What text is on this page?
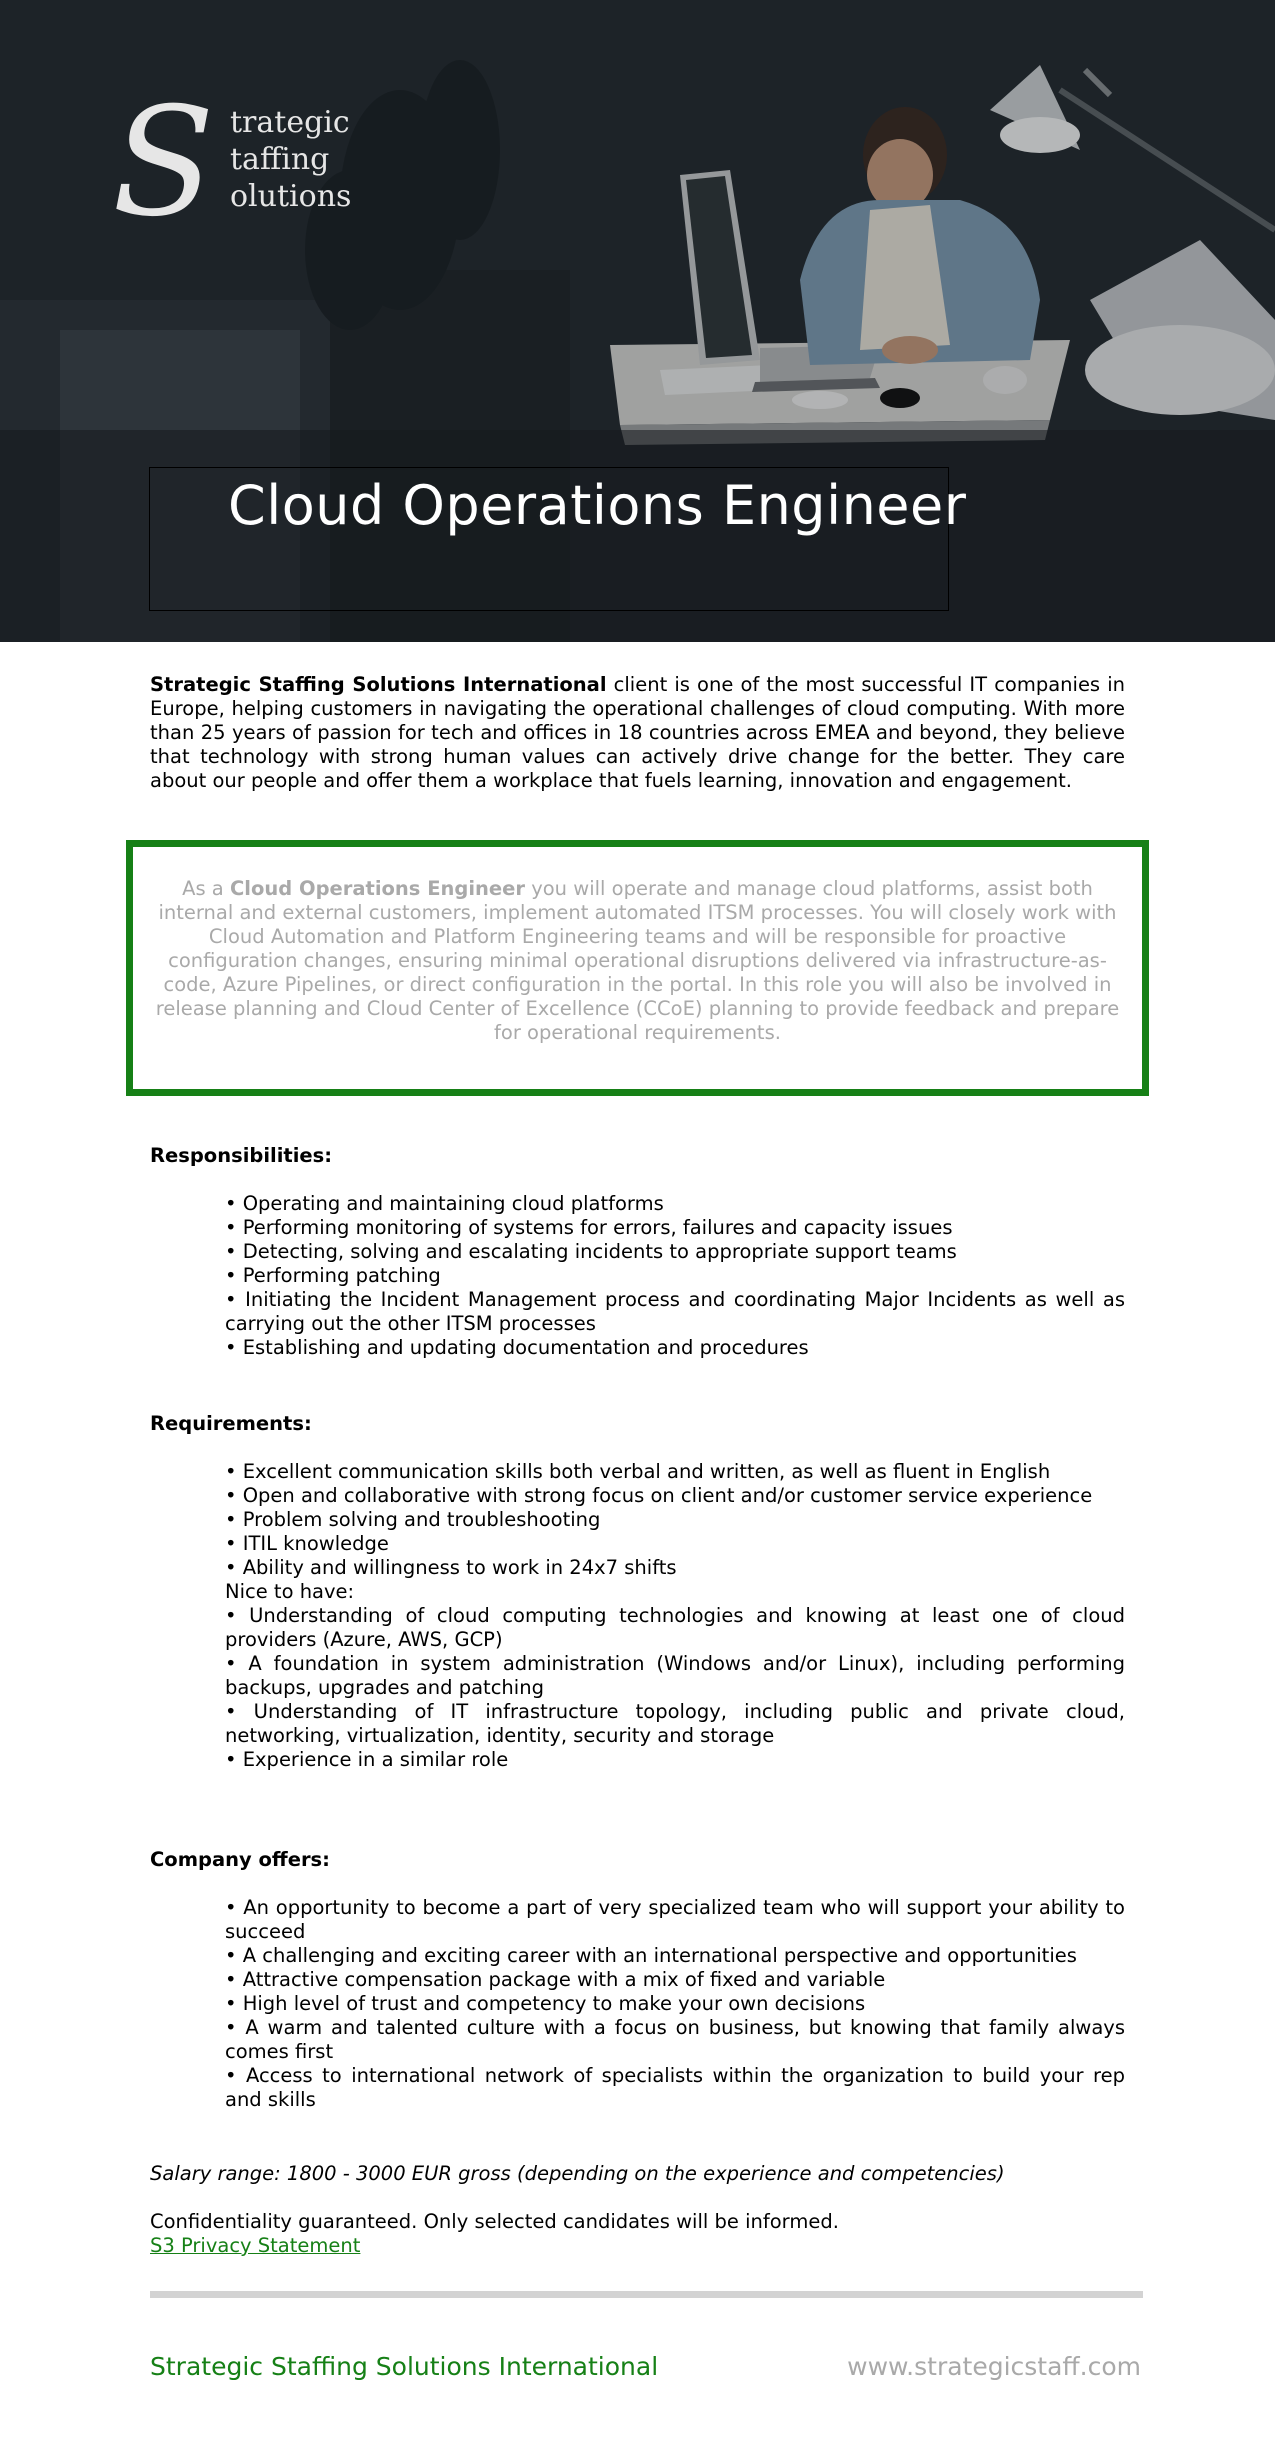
S trategic
taffing
olutions
Cloud Operations Engineer
Strategic Staffing Solutions International client is one of the most successful IT companies in Europe, helping customers in navigating the operational challenges of cloud computing. With more than 25 years of passion for tech and offices in 18 countries across EMEA and beyond, they believe that technology with strong human values can actively drive change for the better. They care about our people and offer them a workplace that fuels learning, innovation and engagement.
As a Cloud Operations Engineer you will operate and manage cloud platforms, assist both internal and external customers, implement automated ITSM processes. You will closely work with Cloud Automation and Platform Engineering teams and will be responsible for proactive configuration changes, ensuring minimal operational disruptions delivered via infrastructure-as-code, Azure Pipelines, or direct configuration in the portal. In this role you will also be involved in release planning and Cloud Center of Excellence (CCoE) planning to provide feedback and prepare for operational requirements.
Responsibilities:
• Operating and maintaining cloud platforms
• Performing monitoring of systems for errors, failures and capacity issues
• Detecting, solving and escalating incidents to appropriate support teams
• Performing patching
• Initiating the Incident Management process and coordinating Major Incidents as well as carrying out the other ITSM processes
• Establishing and updating documentation and procedures
Requirements:
• Excellent communication skills both verbal and written, as well as fluent in English
• Open and collaborative with strong focus on client and/or customer service experience
• Problem solving and troubleshooting
• ITIL knowledge
• Ability and willingness to work in 24x7 shifts
Nice to have:
• Understanding of cloud computing technologies and knowing at least one of cloud providers (Azure, AWS, GCP)
• A foundation in system administration (Windows and/or Linux), including performing backups, upgrades and patching
• Understanding of IT infrastructure topology, including public and private cloud, networking, virtualization, identity, security and storage
• Experience in a similar role
Company offers:
• An opportunity to become a part of very specialized team who will support your ability to succeed
• A challenging and exciting career with an international perspective and opportunities
• Attractive compensation package with a mix of fixed and variable
• High level of trust and competency to make your own decisions
• A warm and talented culture with a focus on business, but knowing that family always comes first
• Access to international network of specialists within the organization to build your rep and skills
Salary range: 1800 - 3000 EUR gross (depending on the experience and competencies)
Confidentiality guaranteed. Only selected candidates will be informed.
S3 Privacy Statement
Strategic Staffing Solutions International	www.strategicstaff.com
